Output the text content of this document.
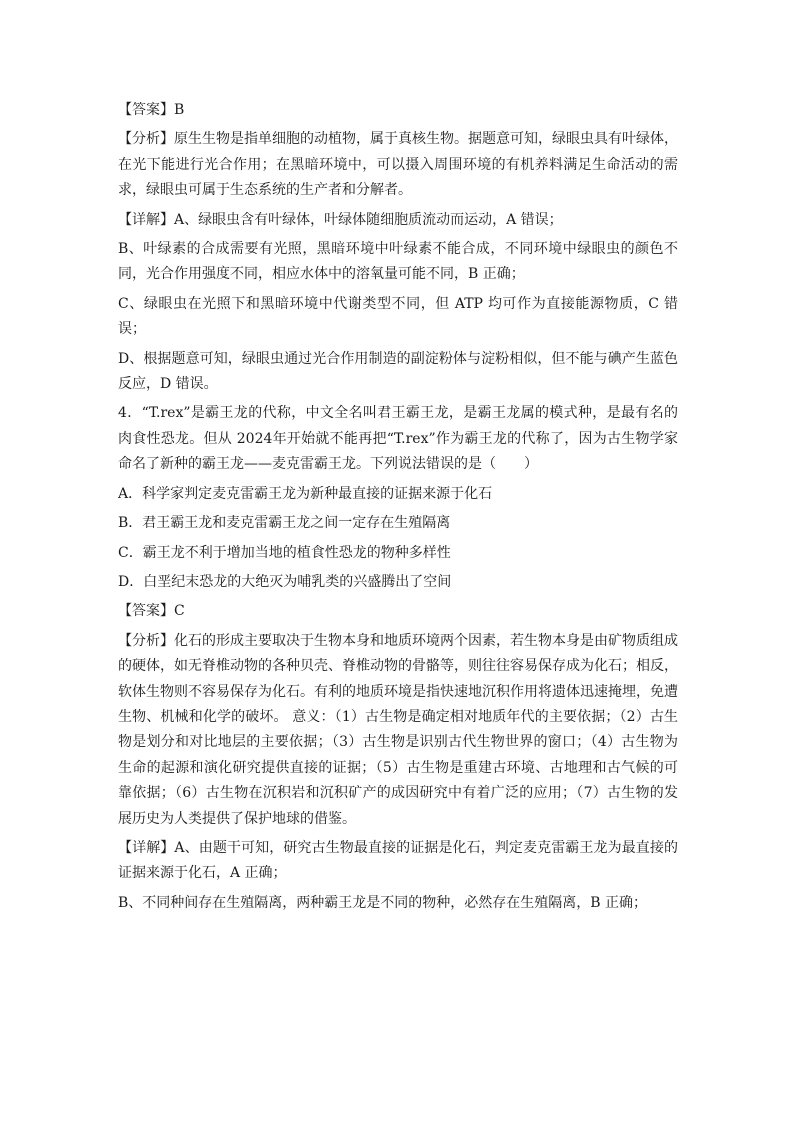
【答案】B

【分析】原生生物是指单细胞的动植物，属于真核生物。据题意可知，绿眼虫具有叶绿体，在光下能进行光合作用；在黑暗环境中，可以摄入周围环境的有机养料满足生命活动的需求，绿眼虫可属于生态系统的生产者和分解者。

【详解】A、绿眼虫含有叶绿体，叶绿体随细胞质流动而运动，A 错误；

B、叶绿素的合成需要有光照，黑暗环境中叶绿素不能合成，不同环境中绿眼虫的颜色不同，光合作用强度不同，相应水体中的溶氧量可能不同，B 正确；

C、绿眼虫在光照下和黑暗环境中代谢类型不同，但 ATP 均可作为直接能源物质，C 错误；

D、根据题意可知，绿眼虫通过光合作用制造的副淀粉体与淀粉相似，但不能与碘产生蓝色反应，D 错误。

4．“T.rex”是霸王龙的代称，中文全名叫君王霸王龙，是霸王龙属的模式种，是最有名的肉食性恐龙。但从 2024年开始就不能再把“T.rex”作为霸王龙的代称了，因为古生物学家命名了新种的霸王龙——麦克雷霸王龙。下列说法错误的是（　　）

A．科学家判定麦克雷霸王龙为新种最直接的证据来源于化石

B．君王霸王龙和麦克雷霸王龙之间一定存在生殖隔离

C．霸王龙不利于增加当地的植食性恐龙的物种多样性

D．白垩纪末恐龙的大绝灭为哺乳类的兴盛腾出了空间

【答案】C

【分析】化石的形成主要取决于生物本身和地质环境两个因素，若生物本身是由矿物质组成的硬体，如无脊椎动物的各种贝壳、脊椎动物的骨骼等，则往往容易保存成为化石；相反，软体生物则不容易保存为化石。有利的地质环境是指快速地沉积作用将遗体迅速掩埋，免遭生物、机械和化学的破坏。 意义：（1）古生物是确定相对地质年代的主要依据；（2）古生物是划分和对比地层的主要依据；（3）古生物是识别古代生物世界的窗口；（4）古生物为生命的起源和演化研究提供直接的证据；（5）古生物是重建古环境、古地理和古气候的可靠依据；（6）古生物在沉积岩和沉积矿产的成因研究中有着广泛的应用；（7）古生物的发展历史为人类提供了保护地球的借鉴。

【详解】A、由题干可知，研究古生物最直接的证据是化石，判定麦克雷霸王龙为最直接的证据来源于化石，A 正确；

B、不同种间存在生殖隔离，两种霸王龙是不同的物种，必然存在生殖隔离，B 正确；
